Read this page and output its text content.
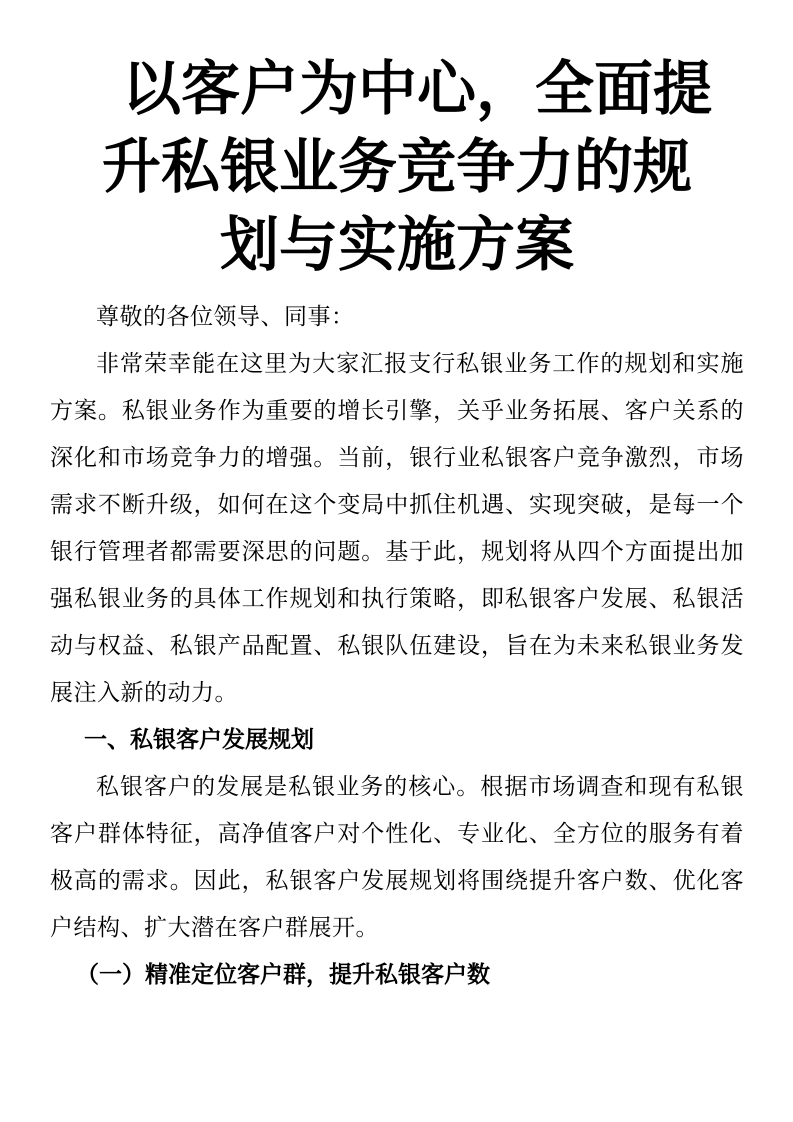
以客户为中心，全面提
升私银业务竞争力的规
划与实施方案

尊敬的各位领导、同事：

非常荣幸能在这里为大家汇报支行私银业务工作的规划和实施方案。私银业务作为重要的增长引擎，关乎业务拓展、客户关系的深化和市场竞争力的增强。当前，银行业私银客户竞争激烈，市场需求不断升级，如何在这个变局中抓住机遇、实现突破，是每一个银行管理者都需要深思的问题。基于此，规划将从四个方面提出加强私银业务的具体工作规划和执行策略，即私银客户发展、私银活动与权益、私银产品配置、私银队伍建设，旨在为未来私银业务发展注入新的动力。

一、私银客户发展规划

私银客户的发展是私银业务的核心。根据市场调查和现有私银客户群体特征，高净值客户对个性化、专业化、全方位的服务有着极高的需求。因此，私银客户发展规划将围绕提升客户数、优化客户结构、扩大潜在客户群展开。

（一）精准定位客户群，提升私银客户数
